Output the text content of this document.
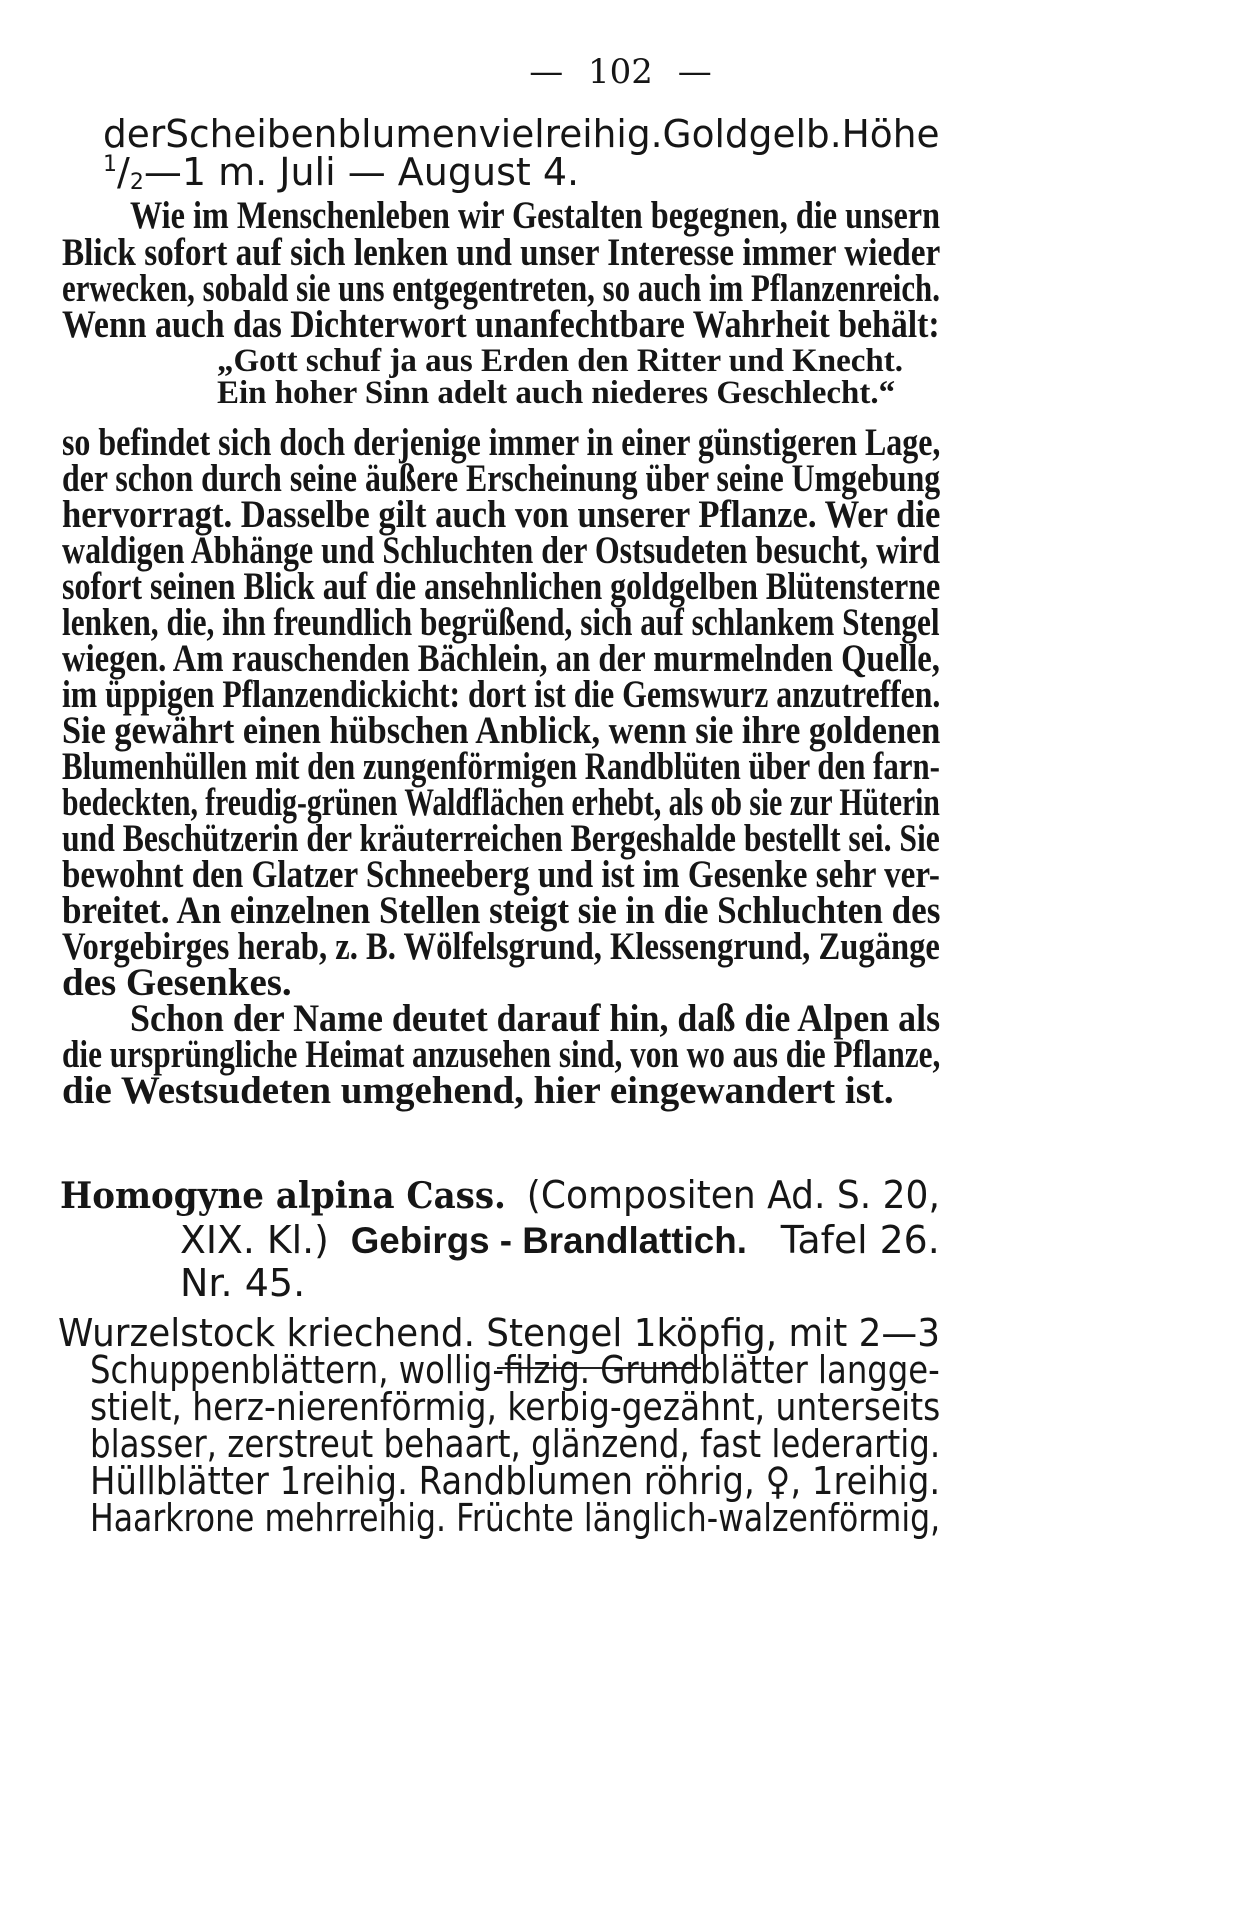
— 102 —
der Scheibenblumen vielreihig. Goldgelb. Höhe
$^1$/2—1 m. Juli — August 4.
Wie im Menschenleben wir Gestalten begegnen, die unsern
Blick sofort auf sich lenken und unser Interesse immer wieder
erwecken, sobald sie uns entgegentreten, so auch im Pflanzenreich.
Wenn auch das Dichterwort unanfechtbare Wahrheit behält:
„Gott schuf ja aus Erden den Ritter und Knecht.
Ein hoher Sinn adelt auch niederes Geschlecht.“
so befindet sich doch derjenige immer in einer günstigeren Lage,
der schon durch seine äußere Erscheinung über seine Umgebung
hervorragt. Dasselbe gilt auch von unserer Pflanze. Wer die
waldigen Abhänge und Schluchten der Ostsudeten besucht, wird
sofort seinen Blick auf die ansehnlichen goldgelben Blütensterne
lenken, die, ihn freundlich begrüßend, sich auf schlankem Stengel
wiegen. Am rauschenden Bächlein, an der murmelnden Quelle,
im üppigen Pflanzendickicht: dort ist die Gemswurz anzutreffen.
Sie gewährt einen hübschen Anblick, wenn sie ihre goldenen
Blumenhüllen mit den zungenförmigen Randblüten über den farn-
bedeckten, freudig-grünen Waldflächen erhebt, als ob sie zur Hüterin
und Beschützerin der kräuterreichen Bergeshalde bestellt sei. Sie
bewohnt den Glatzer Schneeberg und ist im Gesenke sehr ver-
breitet. An einzelnen Stellen steigt sie in die Schluchten des
Vorgebirges herab, z. B. Wölfelsgrund, Klessengrund, Zugänge
des Gesenkes.
Schon der Name deutet darauf hin, daß die Alpen als
die ursprüngliche Heimat anzusehen sind, von wo aus die Pflanze,
die Westsudeten umgehend, hier eingewandert ist.
Homogyne alpina Cass. (Compositen Ad. S. 20,
XIX. Kl.) Gebirgs - Brandlattich. Tafel 26.
Nr. 45.
Wurzelstock kriechend. Stengel 1köpfig, mit 2—3
Schuppenblättern, wollig-filzig. Grundblätter langge-
stielt, herz-nierenförmig, kerbig-gezähnt, unterseits
blasser, zerstreut behaart, glänzend, fast lederartig.
Hüllblätter 1reihig. Randblumen röhrig, ♀, 1reihig.
Haarkrone mehrreihig. Früchte länglich-walzenförmig,
